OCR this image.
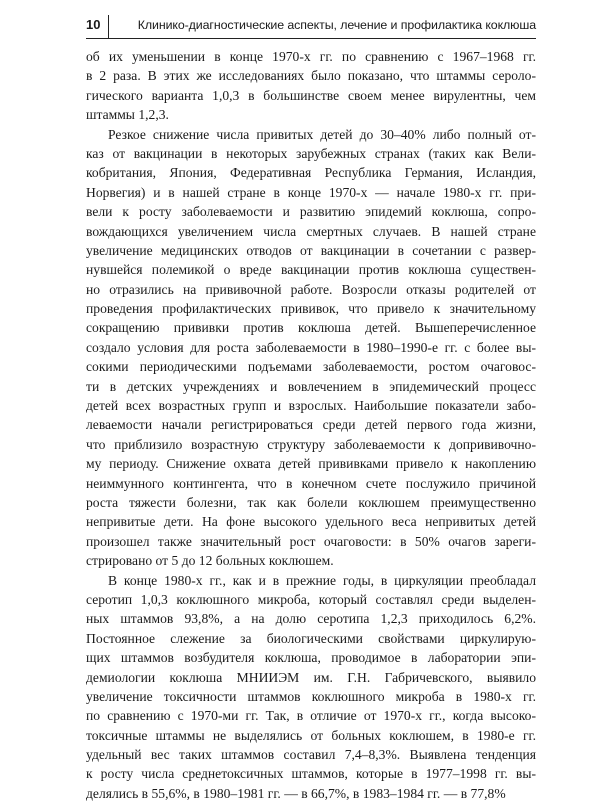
10	Клинико-диагностические аспекты, лечение и профилактика коклюша
об их уменьшении в конце 1970-х гг. по сравнению с 1967–1968 гг.
в 2 раза. В этих же исследованиях было показано, что штаммы сероло-
гического варианта 1,0,3 в большинстве своем менее вирулентны, чем
штаммы 1,2,3.
Резкое снижение числа привитых детей до 30–40% либо полный от-
каз от вакцинации в некоторых зарубежных странах (таких как Вели-
кобритания, Япония, Федеративная Республика Германия, Исландия,
Норвегия) и в нашей стране в конце 1970-х — начале 1980-х гг. при-
вели к росту заболеваемости и развитию эпидемий коклюша, сопро-
вождающихся увеличением числа смертных случаев. В нашей стране
увеличение медицинских отводов от вакцинации в сочетании с развер-
нувшейся полемикой о вреде вакцинации против коклюша существен-
но отразились на прививочной работе. Возросли отказы родителей от
проведения профилактических прививок, что привело к значительному
сокращению прививки против коклюша детей. Вышеперечисленное
создало условия для роста заболеваемости в 1980–1990-е гг. с более вы-
сокими периодическими подъемами заболеваемости, ростом очаговос-
ти в детских учреждениях и вовлечением в эпидемический процесс
детей всех возрастных групп и взрослых. Наибольшие показатели забо-
леваемости начали регистрироваться среди детей первого года жизни,
что приблизило возрастную структуру заболеваемости к допрививочно-
му периоду. Снижение охвата детей прививками привело к накоплению
неиммунного контингента, что в конечном счете послужило причиной
роста тяжести болезни, так как болели коклюшем преимущественно
непривитые дети. На фоне высокого удельного веса непривитых детей
произошел также значительный рост очаговости: в 50% очагов зареги-
стрировано от 5 до 12 больных коклюшем.
В конце 1980-х гг., как и в прежние годы, в циркуляции преобладал
серотип 1,0,3 коклюшного микроба, который составлял среди выделен-
ных штаммов 93,8%, а на долю серотипа 1,2,3 приходилось 6,2%.
Постоянное слежение за биологическими свойствами циркулирую-
щих штаммов возбудителя коклюша, проводимое в лаборатории эпи-
демиологии коклюша МНИИЭМ им. Г.Н. Габричевского, выявило
увеличение токсичности штаммов коклюшного микроба в 1980-х гг.
по сравнению с 1970-ми гг. Так, в отличие от 1970-х гг., когда высоко-
токсичные штаммы не выделялись от больных коклюшем, в 1980-е гг.
удельный вес таких штаммов составил 7,4–8,3%. Выявлена тенденция
к росту числа среднетоксичных штаммов, которые в 1977–1998 гг. вы-
делялись в 55,6%, в 1980–1981 гг. — в 66,7%, в 1983–1984 гг. — в 77,8%
